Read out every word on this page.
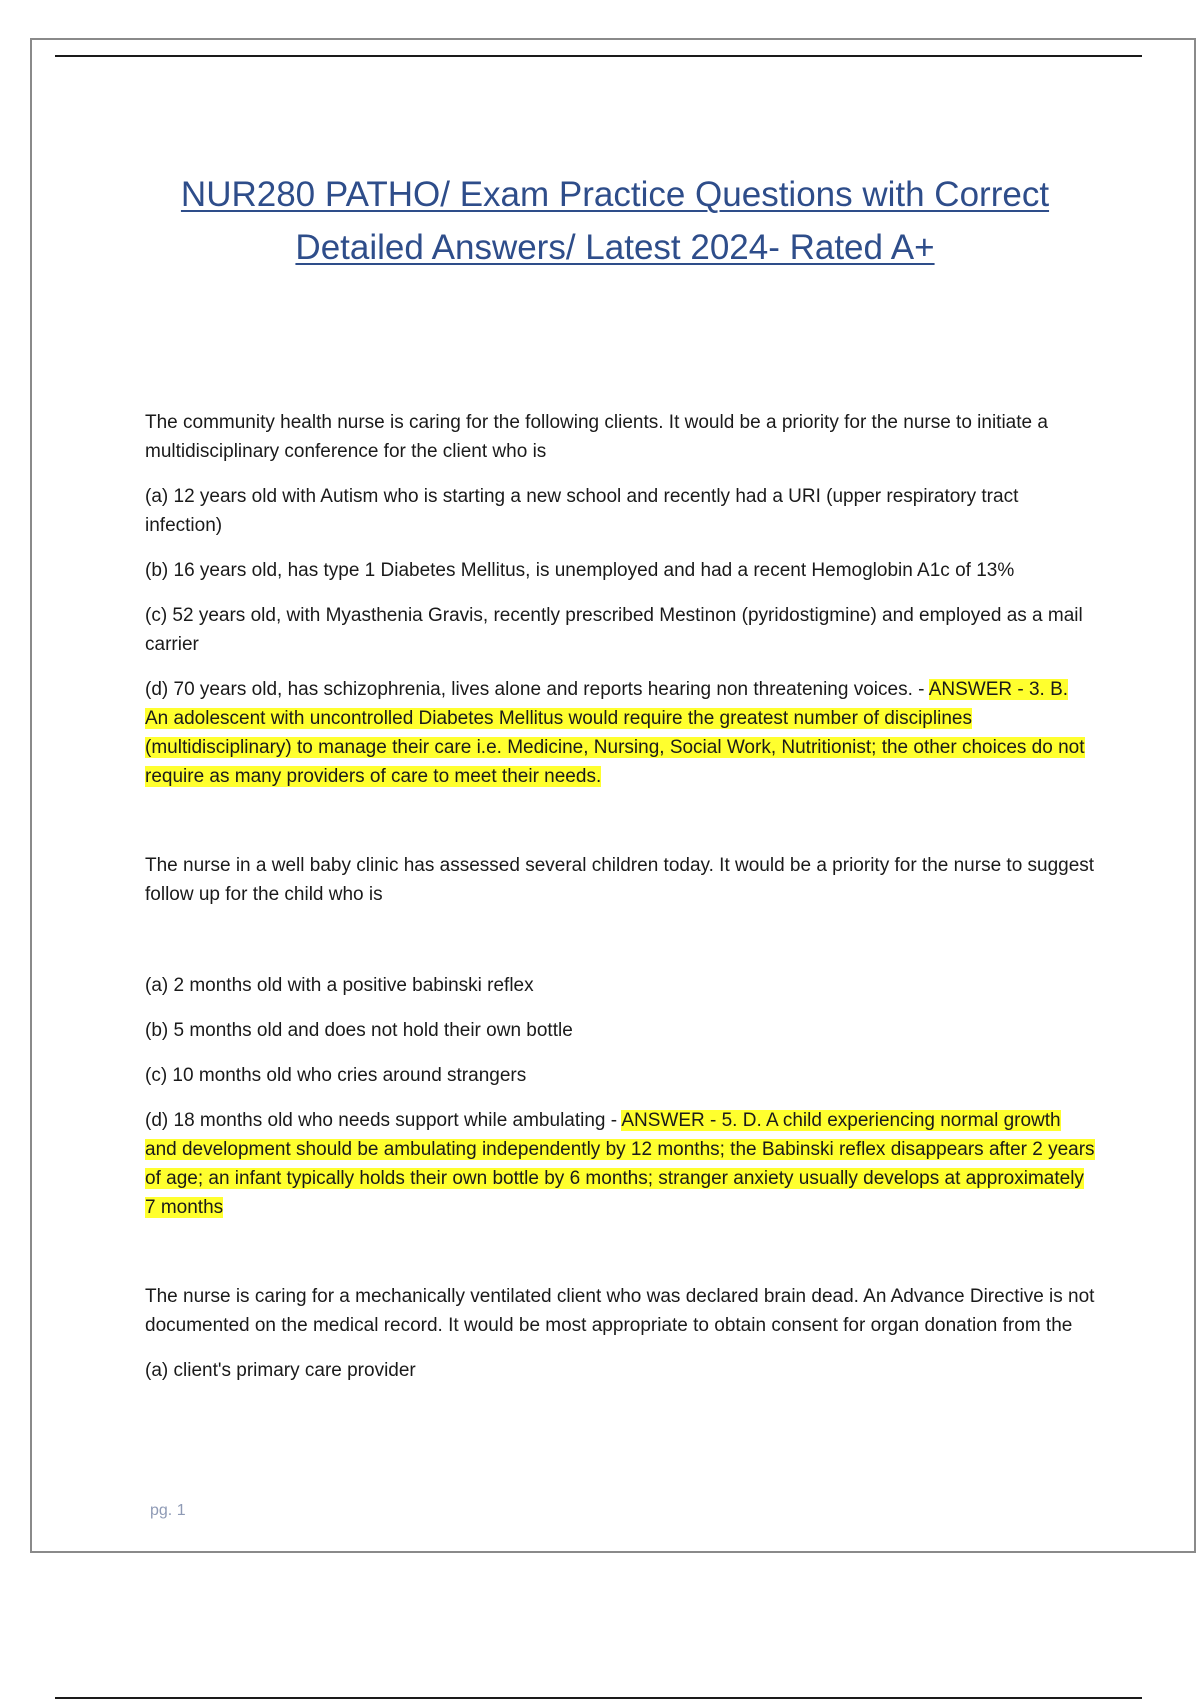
NUR280 PATHO/ Exam Practice Questions with Correct
Detailed Answers/ Latest 2024- Rated A+

The community health nurse is caring for the following clients. It would be a priority for the nurse to initiate a multidisciplinary conference for the client who is

(a) 12 years old with Autism who is starting a new school and recently had a URI (upper respiratory tract infection)

(b) 16 years old, has type 1 Diabetes Mellitus, is unemployed and had a recent Hemoglobin A1c of 13%

(c) 52 years old, with Myasthenia Gravis, recently prescribed Mestinon (pyridostigmine) and employed as a mail carrier

(d) 70 years old, has schizophrenia, lives alone and reports hearing non threatening voices. - ANSWER - 3. B. An adolescent with uncontrolled Diabetes Mellitus would require the greatest number of disciplines (multidisciplinary) to manage their care i.e. Medicine, Nursing, Social Work, Nutritionist; the other choices do not require as many providers of care to meet their needs.

The nurse in a well baby clinic has assessed several children today. It would be a priority for the nurse to suggest follow up for the child who is

(a) 2 months old with a positive babinski reflex

(b) 5 months old and does not hold their own bottle

(c) 10 months old who cries around strangers

(d) 18 months old who needs support while ambulating - ANSWER - 5. D. A child experiencing normal growth and development should be ambulating independently by 12 months; the Babinski reflex disappears after 2 years of age; an infant typically holds their own bottle by 6 months; stranger anxiety usually develops at approximately 7 months

The nurse is caring for a mechanically ventilated client who was declared brain dead. An Advance Directive is not documented on the medical record. It would be most appropriate to obtain consent for organ donation from the

(a) client's primary care provider

pg. 1
